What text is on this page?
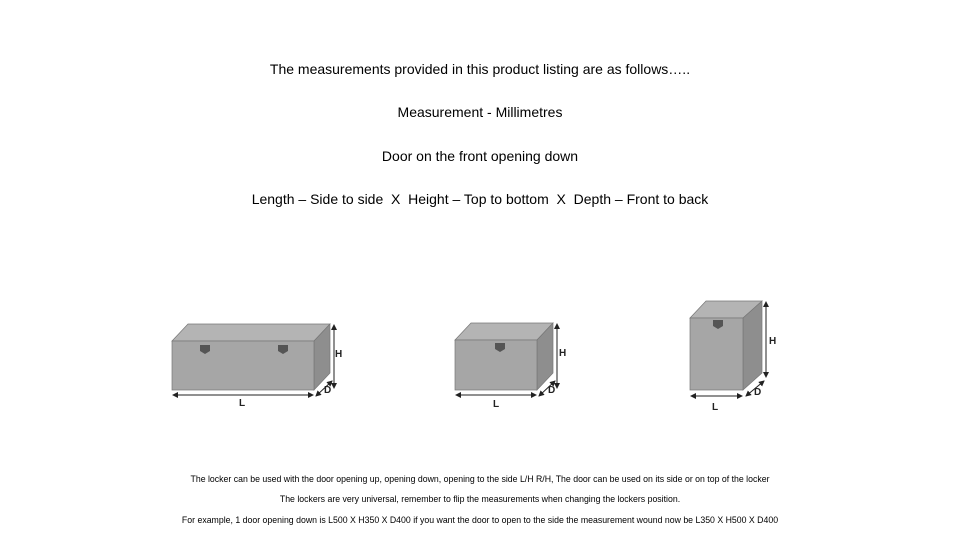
The measurements provided in this product listing are as follows…..
Measurement - Millimetres
Door on the front opening down
Length – Side to side  X  Height – Top to bottom  X  Depth – Front to back
H
D
L
H
D
L
H
D
L
The locker can be used with the door opening up, opening down, opening to the side L/H R/H, The door can be used on its side or on top of the locker
The lockers are very universal, remember to flip the measurements when changing the lockers position.
For example, 1 door opening down is L500 X H350 X D400 if you want the door to open to the side the measurement wound now be L350 X H500 X D400
